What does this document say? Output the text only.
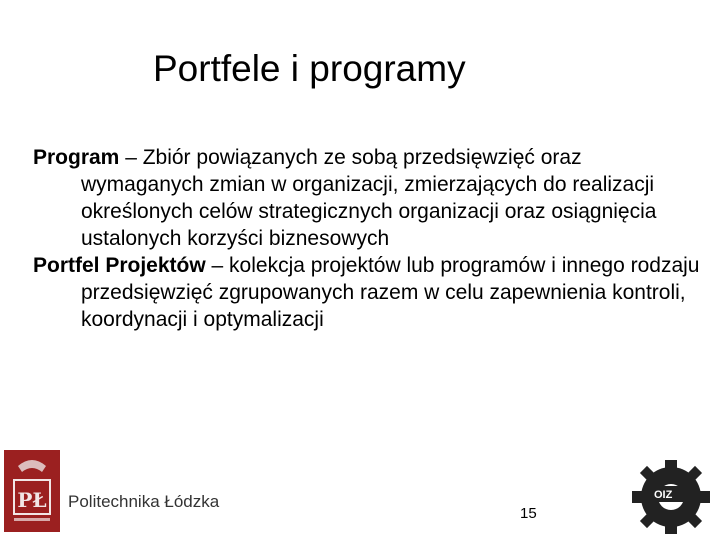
Portfele i programy

Program – Zbiór powiązanych ze sobą przedsięwzięć oraz wymaganych zmian w organizacji, zmierzających do realizacji określonych celów strategicznych organizacji oraz osiągnięcia ustalonych korzyści biznesowych

Portfel Projektów – kolekcja projektów lub programów i innego rodzaju przedsięwzięć zgrupowanych razem w celu zapewnienia kontroli, koordynacji i optymalizacji

PŁ Politechnika Łódzka
15
OIZ
